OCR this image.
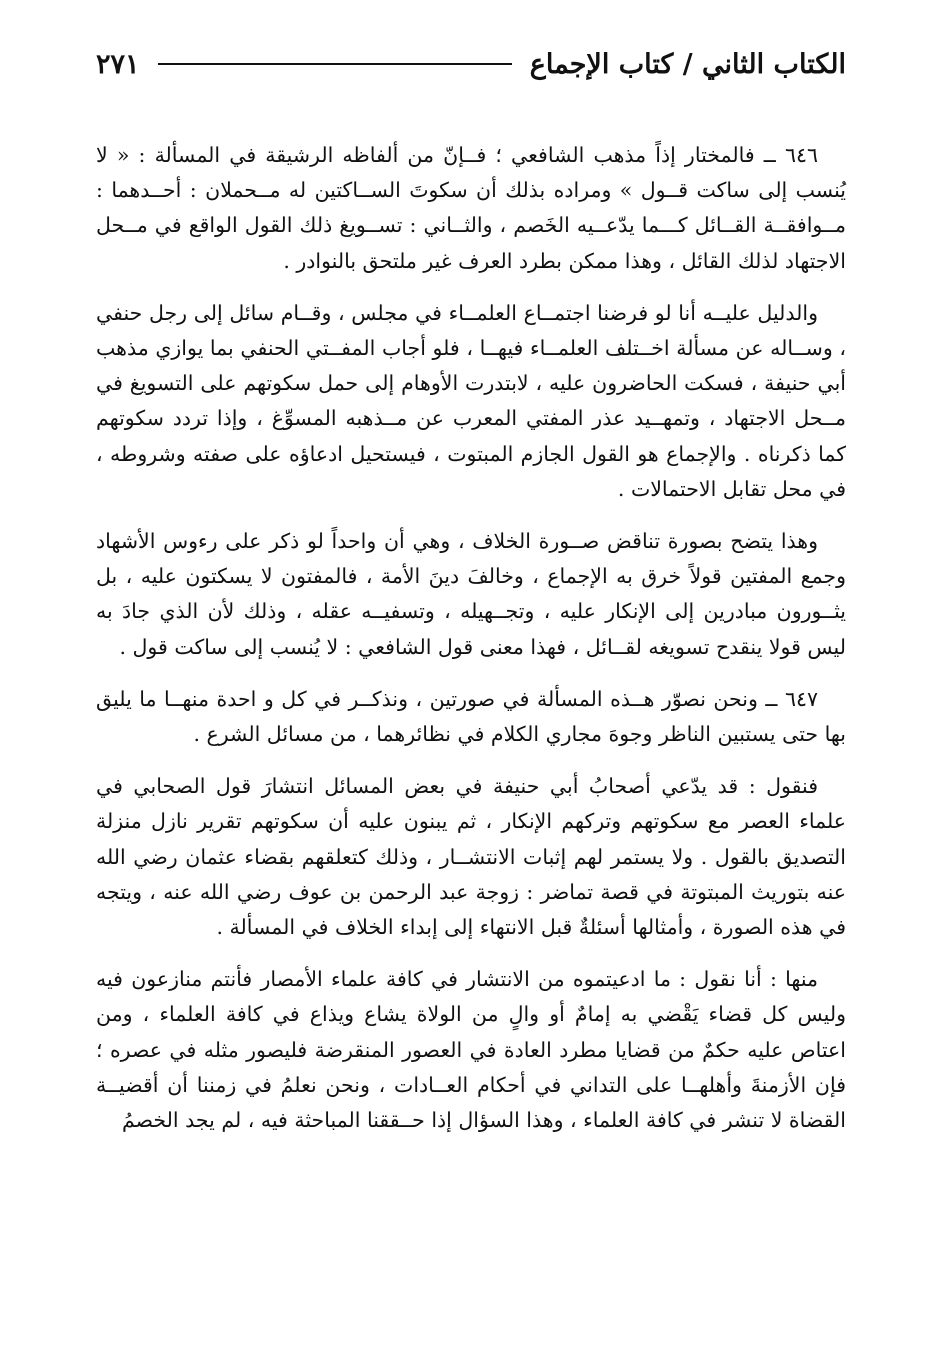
الكتاب الثاني / كتاب الإجماع
٢٧١

٦٤٦ ــ فالمختار إذاً مذهب الشافعي ؛ فــإنّ من ألفاظه الرشيقة في المسألة : « لا يُنسب إلى ساكت قــول » ومراده بذلك أن سكوتَ الســاكتين له مــحملان : أحــدهما : مــوافقــة القــائل كـــما يدّعــيه الخَصم ، والثــاني : تســويغ ذلك القول الواقع في مــحل الاجتهاد لذلك القائل ، وهذا ممكن بطرد العرف غير ملتحق بالنوادر .

والدليل عليــه أنا لو فرضنا اجتمــاع العلمــاء في مجلس ، وقــام سائل إلى رجل حنفي ، وســاله عن مسألة اخــتلف العلمــاء فيهــا ، فلو أجاب المفــتي الحنفي بما يوازي مذهب أبي حنيفة ، فسكت الحاضرون عليه ، لابتدرت الأوهام إلى حمل سكوتهم على التسويغ في مــحل الاجتهاد ، وتمهــيد عذر المفتي المعرب عن مــذهبه المسوِّغ ، وإذا تردد سكوتهم كما ذكرناه . والإجماع هو القول الجازم المبتوت ، فيستحيل ادعاؤه على صفته وشروطه ، في محل تقابل الاحتمالات .

وهذا يتضح بصورة تناقض صــورة الخلاف ، وهي أن واحداً لو ذكر على رءوس الأشهاد وجمع المفتين قولاً خرق به الإجماع ، وخالفَ دينَ الأمة ، فالمفتون لا يسكتون عليه ، بل يثــورون مبادرين إلى الإنكار عليه ، وتجــهيله ، وتسفيــه عقله ، وذلك لأن الذي جادَ به ليس قولا ينقدح تسويغه لقــائل ، فهذا معنى قول الشافعي : لا يُنسب إلى ساكت قول .

٦٤٧ ــ ونحن نصوّر هــذه المسألة في صورتين ، ونذكــر في كل و احدة منهــا ما يليق بها حتى يستبين الناظر وجوهَ مجاري الكلام في نظائرهما ، من مسائل الشرع .

فنقول : قد يدّعي أصحابُ أبي حنيفة في بعض المسائل انتشارَ قول الصحابي في علماء العصر مع سكوتهم وتركهم الإنكار ، ثم يبنون عليه أن سكوتهم تقرير نازل منزلة التصديق بالقول . ولا يستمر لهم إثبات الانتشــار ، وذلك كتعلقهم بقضاء عثمان رضي الله عنه بتوريث المبتوتة في قصة تماضر : زوجة عبد الرحمن بن عوف رضي الله عنه ، ويتجه في هذه الصورة ، وأمثالها أسئلةٌ قبل الانتهاء إلى إبداء الخلاف في المسألة .

منها : أنا نقول : ما ادعيتموه من الانتشار في كافة علماء الأمصار فأنتم منازعون فيه وليس كل قضاء يَقْضي به إمامٌ أو والٍ من الولاة يشاع ويذاع في كافة العلماء ، ومن اعتاص عليه حكمٌ من قضايا مطرد العادة في العصور المنقرضة فليصور مثله في عصره ؛ فإن الأزمنةَ وأهلهــا على التداني في أحكام العــادات ، ونحن نعلمُ في زمننا أن أقضيــة القضاة لا تنشر في كافة العلماء ، وهذا السؤال إذا حــققنا المباحثة فيه ، لم يجد الخصمُ
